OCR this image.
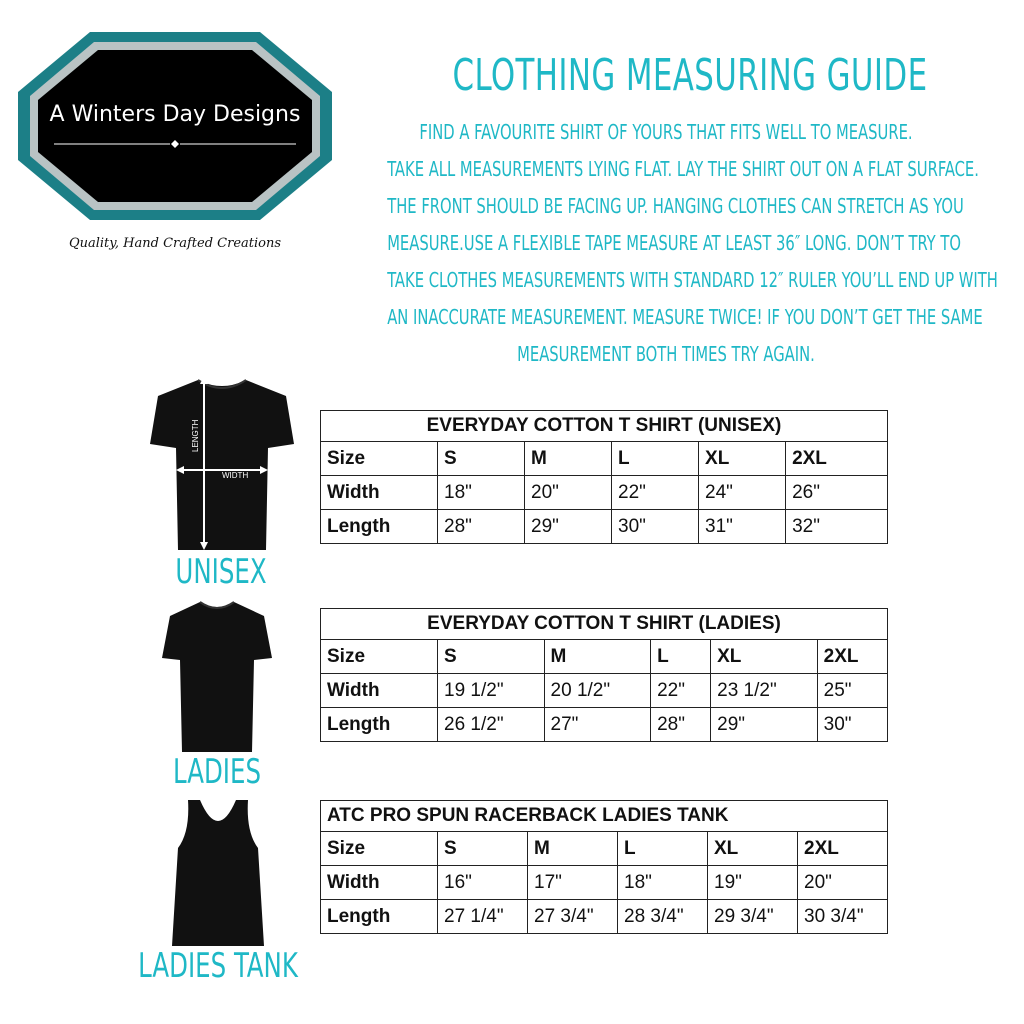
A Winters Day Designs
Quality, Hand Crafted Creations
CLOTHING MEASURING GUIDE
FIND A FAVOURITE SHIRT OF YOURS THAT FITS WELL TO MEASURE.
TAKE ALL MEASUREMENTS LYING FLAT. LAY THE SHIRT OUT ON A FLAT SURFACE.
THE FRONT SHOULD BE FACING UP. HANGING CLOTHES CAN STRETCH AS YOU
MEASURE.USE A FLEXIBLE TAPE MEASURE AT LEAST 36″ LONG. DON’T TRY TO
TAKE CLOTHES MEASUREMENTS WITH STANDARD 12″ RULER YOU’LL END UP WITH
AN INACCURATE MEASUREMENT. MEASURE TWICE! IF YOU DON’T GET THE SAME
MEASUREMENT BOTH TIMES TRY AGAIN.
LENGTH
WIDTH
UNISEX
LADIES
LADIES TANK
EVERYDAY COTTON T SHIRT (UNISEX)					
Size	S	M	L	XL	2XL
Width	18"	20"	22"	24"	26"
Length	28"	29"	30"	31"	32"
EVERYDAY COTTON T SHIRT (LADIES)					
Size	S	M	L	XL	2XL
Width	19 1/2"	20 1/2"	22"	23 1/2"	25"
Length	26 1/2"	27"	28"	29"	30"
ATC PRO SPUN RACERBACK LADIES TANK					
Size	S	M	L	XL	2XL
Width	16"	17"	18"	19"	20"
Length	27 1/4"	27 3/4"	28 3/4"	29 3/4"	30 3/4"
